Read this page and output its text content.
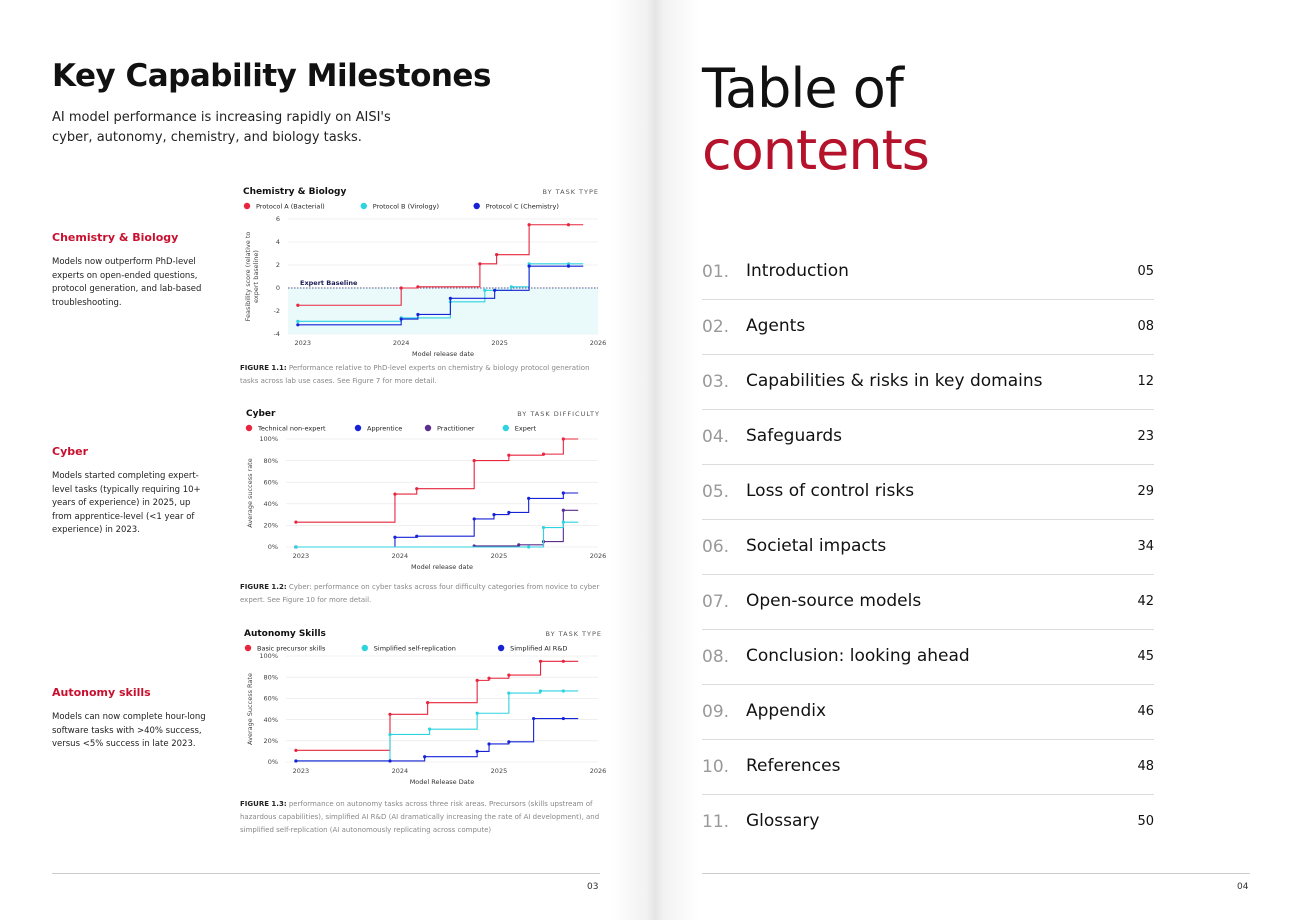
Key Capability Milestones

AI model performance is increasing rapidly on AISI's cyber, autonomy, chemistry, and biology tasks.

Chemistry & Biology
Models now outperform PhD-level experts on open-ended questions, protocol generation, and lab-based troubleshooting.
Cyber
Models started completing expert-level tasks (typically requiring 10+ years of experience) in 2025, up from apprentice-level (<1 year of experience) in 2023.
Autonomy skills
Models can now complete hour-long software tasks with >40% success, versus <5% success in late 2023.
Chemistry & Biology	BY TASK TYPE
Protocol A (Bacterial)	Protocol B (Virology)	Protocol C (Chemistry)
6
4
2
0
-2
-4
2023	2024	2025	2026
Model release date
Feasibility score (relative toexpert baseline)	Expert Baseline
FIGURE 1.1: Performance relative to PhD-level experts on chemistry & biology protocol generation tasks across lab use cases. See Figure 7 for more detail.
Cyber	BY TASK DIFFICULTY
Technical non-expert	Apprentice	Practitioner	Expert
100%
80%
60%
40%
20%
0%
2023	2024	2025	2026
Model release date
Average success rate
FIGURE 1.2: Cyber: performance on cyber tasks across four difficulty categories from novice to cyber expert. See Figure 10 for more detail.
Autonomy Skills	BY TASK TYPE
Basic precursor skills	Simplified self-replication	Simplified AI R&D
100%
80%
60%
40%
20%
0%
2023	2024	2025	2026
Model Release Date
Average Success Rate
FIGURE 1.3: performance on autonomy tasks across three risk areas. Precursors (skills upstream of hazardous capabilities), simplified AI R&D (AI dramatically increasing the rate of AI development), and simplified self-replication (AI autonomously replicating across compute)
03
Table of
contents
01. Introduction	05
02. Agents	08
03. Capabilities & risks in key domains	12
04. Safeguards	23
05. Loss of control risks	29
06. Societal impacts	34
07. Open-source models	42
08. Conclusion: looking ahead	45
09. Appendix	46
10. References	48
11. Glossary	50
04
